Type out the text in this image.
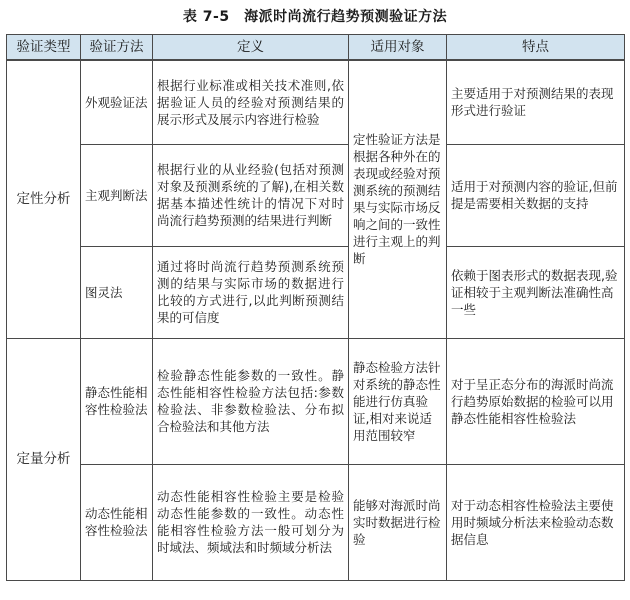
表 7-5　海派时尚流行趋势预测验证方法
验证类型	验证方法	定义	适用对象	特点
定性分析	外观验证法	根据行业标准或相关技术准则,依据验证人员的经验对预测结果的展示形式及展示内容进行检验	定性验证方法是根据各种外在的表现或经验对预测系统的预测结果与实际市场反响之间的一致性进行主观上的判断	主要适用于对预测结果的表现形式进行验证
	主观判断法	根据行业的从业经验(包括对预测对象及预测系统的了解),在相关数据基本描述性统计的情况下对时尚流行趋势预测的结果进行判断		适用于对预测内容的验证,但前提是需要相关数据的支持
	图灵法	通过将时尚流行趋势预测系统预测的结果与实际市场的数据进行比较的方式进行,以此判断预测结果的可信度		依赖于图表形式的数据表现,验证相较于主观判断法准确性高一些
定量分析	静态性能相容性检验法	检验静态性能参数的一致性。静态性能相容性检验方法包括:参数检验法、非参数检验法、分布拟合检验法和其他方法	静态检验方法针对系统的静态性能进行仿真验证,相对来说适用范围较窄	对于呈正态分布的海派时尚流行趋势原始数据的检验可以用静态性能相容性检验法
	动态性能相容性检验法	动态性能相容性检验主要是检验动态性能参数的一致性。动态性能相容性检验方法一般可划分为时域法、频域法和时频域分析法	能够对海派时尚实时数据进行检验	对于动态相容性检验法主要使用时频域分析法来检验动态数据信息
